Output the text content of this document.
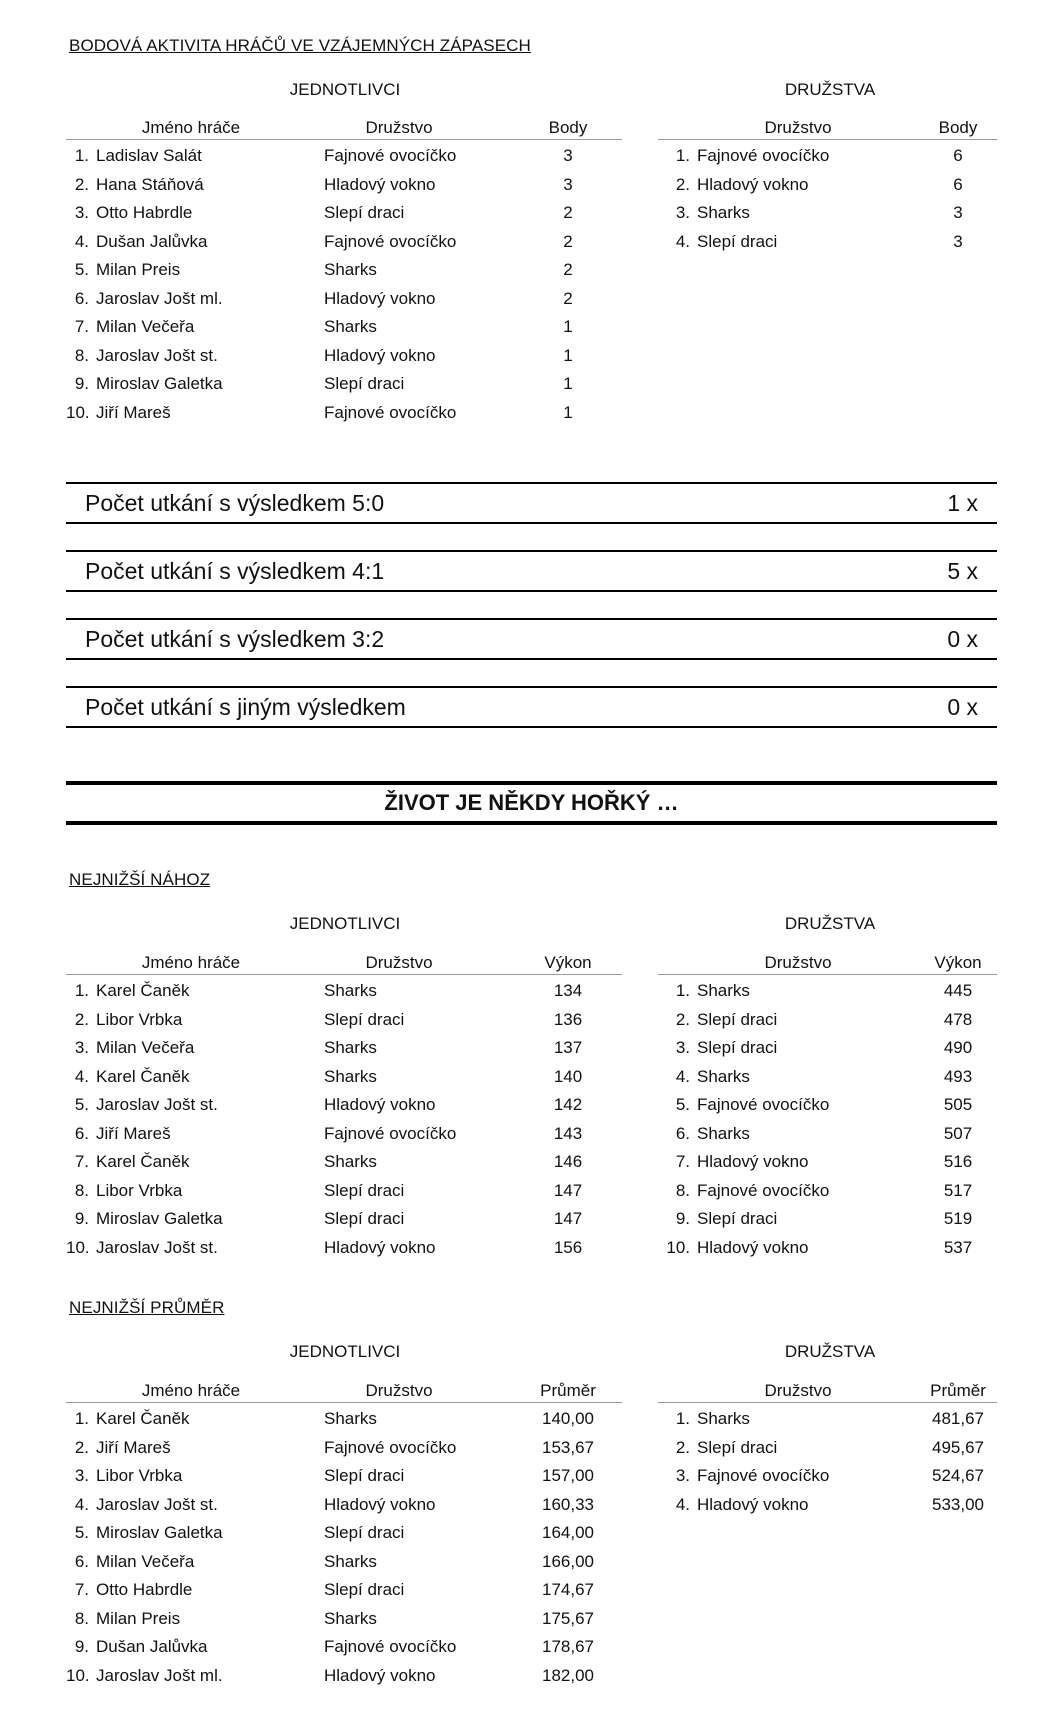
BODOVÁ AKTIVITA HRÁČŮ VE VZÁJEMNÝCH ZÁPASECH
JEDNOTLIVCI	DRUŽSTVA
Jméno hráče	Družstvo	Body
1. Ladislav Salát	Fajnové ovocíčko	3
2. Hana Stáňová	Hladový vokno	3
3. Otto Habrdle	Slepí draci	2
4. Dušan Jalůvka	Fajnové ovocíčko	2
5. Milan Preis	Sharks	2
6. Jaroslav Jošt ml.	Hladový vokno	2
7. Milan Večeřa	Sharks	1
8. Jaroslav Jošt st.	Hladový vokno	1
9. Miroslav Galetka	Slepí draci	1
10. Jiří Mareš	Fajnové ovocíčko	1
Družstvo	Body
1. Fajnové ovocíčko	6
2. Hladový vokno	6
3. Sharks	3
4. Slepí draci	3
Počet utkání s výsledkem 5:0	1 x
Počet utkání s výsledkem 4:1	5 x
Počet utkání s výsledkem 3:2	0 x
Počet utkání s jiným výsledkem	0 x
ŽIVOT JE NĚKDY HOŘKÝ …
NEJNIŽŠÍ NÁHOZ
JEDNOTLIVCI	DRUŽSTVA
Jméno hráče	Družstvo	Výkon
1. Karel Čaněk	Sharks	134
2. Libor Vrbka	Slepí draci	136
3. Milan Večeřa	Sharks	137
4. Karel Čaněk	Sharks	140
5. Jaroslav Jošt st.	Hladový vokno	142
6. Jiří Mareš	Fajnové ovocíčko	143
7. Karel Čaněk	Sharks	146
8. Libor Vrbka	Slepí draci	147
9. Miroslav Galetka	Slepí draci	147
10. Jaroslav Jošt st.	Hladový vokno	156
Družstvo	Výkon
1. Sharks	445
2. Slepí draci	478
3. Slepí draci	490
4. Sharks	493
5. Fajnové ovocíčko	505
6. Sharks	507
7. Hladový vokno	516
8. Fajnové ovocíčko	517
9. Slepí draci	519
10. Hladový vokno	537
NEJNIŽŠÍ PRŮMĚR
JEDNOTLIVCI	DRUŽSTVA
Jméno hráče	Družstvo	Průměr
1. Karel Čaněk	Sharks	140,00
2. Jiří Mareš	Fajnové ovocíčko	153,67
3. Libor Vrbka	Slepí draci	157,00
4. Jaroslav Jošt st.	Hladový vokno	160,33
5. Miroslav Galetka	Slepí draci	164,00
6. Milan Večeřa	Sharks	166,00
7. Otto Habrdle	Slepí draci	174,67
8. Milan Preis	Sharks	175,67
9. Dušan Jalůvka	Fajnové ovocíčko	178,67
10. Jaroslav Jošt ml.	Hladový vokno	182,00
Družstvo	Průměr
1. Sharks	481,67
2. Slepí draci	495,67
3. Fajnové ovocíčko	524,67
4. Hladový vokno	533,00
